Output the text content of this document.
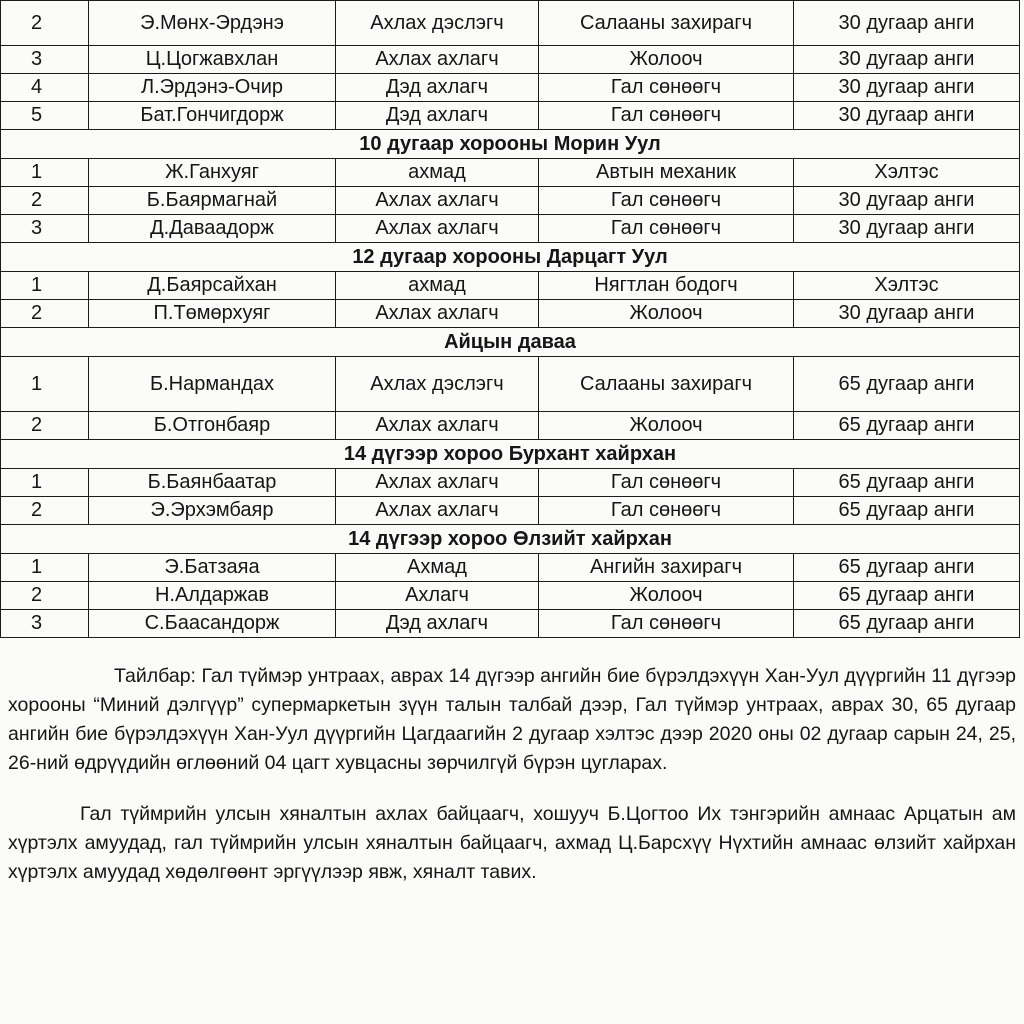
2	Э.Мөнх-Эрдэнэ	Ахлах дэслэгч	Салааны захирагч	30 дугаар анги
3	Ц.Цогжавхлан	Ахлах ахлагч	Жолооч	30 дугаар анги
4	Л.Эрдэнэ-Очир	Дэд ахлагч	Гал сөнөөгч	30 дугаар анги
5	Бат.Гончигдорж	Дэд ахлагч	Гал сөнөөгч	30 дугаар анги
10 дугаар хорооны Морин Уул				
1	Ж.Ганхуяг	ахмад	Автын механик	Хэлтэс
2	Б.Баярмагнай	Ахлах ахлагч	Гал сөнөөгч	30 дугаар анги
3	Д.Даваадорж	Ахлах ахлагч	Гал сөнөөгч	30 дугаар анги
12 дугаар хорооны Дарцагт Уул				
1	Д.Баярсайхан	ахмад	Нягтлан бодогч	Хэлтэс
2	П.Төмөрхуяг	Ахлах ахлагч	Жолооч	30 дугаар анги
Айцын даваа				
1	Б.Нармандах	Ахлах дэслэгч	Салааны захирагч	65 дугаар анги
2	Б.Отгонбаяр	Ахлах ахлагч	Жолооч	65 дугаар анги
14 дүгээр хороо Бурхант хайрхан				
1	Б.Баянбаатар	Ахлах ахлагч	Гал сөнөөгч	65 дугаар анги
2	Э.Эрхэмбаяр	Ахлах ахлагч	Гал сөнөөгч	65 дугаар анги
14 дүгээр хороо Өлзийт хайрхан				
1	Э.Батзаяа	Ахмад	Ангийн захирагч	65 дугаар анги
2	Н.Алдаржав	Ахлагч	Жолооч	65 дугаар анги
3	С.Баасандорж	Дэд ахлагч	Гал сөнөөгч	65 дугаар анги

Тайлбар: Гал түймэр унтраах, аврах 14 дүгээр ангийн бие бүрэлдэхүүн Хан-Уул дүүргийн 11 дүгээр хорооны “Миний дэлгүүр” супермаркетын зүүн талын талбай дээр, Гал түймэр унтраах, аврах 30, 65 дугаар ангийн бие бүрэлдэхүүн Хан-Уул дүүргийн Цагдаагийн 2 дугаар хэлтэс дээр 2020 оны 02 дугаар сарын 24, 25, 26-ний өдрүүдийн өглөөний 04 цагт хувцасны зөрчилгүй бүрэн цугларах.

Гал түймрийн улсын хяналтын ахлах байцаагч, хошууч Б.Цогтоо Их тэнгэрийн амнаас Арцатын ам хүртэлх амуудад, гал түймрийн улсын хяналтын байцаагч, ахмад Ц.Барсхүү Нүхтийн амнаас өлзийт хайрхан хүртэлх амуудад хөдөлгөөнт эргүүлээр явж, хяналт тавих.
